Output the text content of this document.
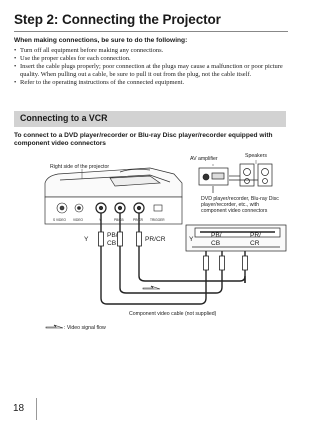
Step 2: Connecting the Projector
When making connections, be sure to do the following:
• Turn off all equipment before making any connections.
• Use the proper cables for each connection.
• Insert the cable plugs properly; poor connection at the plugs may cause a malfunction or poor picture quality. When pulling out a cable, be sure to pull it out from the plug, not the cable itself.
• Refer to the operating instructions of the connected equipment.
Connecting to a VCR
To connect to a DVD player/recorder or Blu-ray Disc player/recorder equipped with component video connectors
Right side of the projector
AV amplifier	Speakers
DVD player/recorder, Blu-ray Disc player/recorder, etc., with component video connectors
S VIDEO VIDEO	Y	PB/CB	PR/CR TRIGGER
Y
PB/
CB
PR/CR	Y
PB/
CB
PR/
CR
Component video cable (not supplied)
: Video signal flow
18
